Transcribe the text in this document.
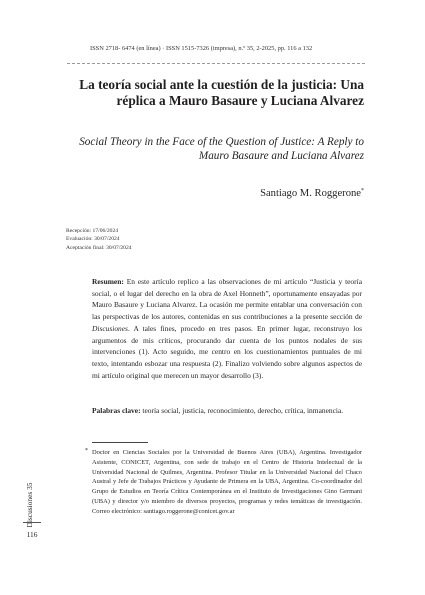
ISSN 2718- 6474 (en línea) · ISSN 1515-7326 (impresa), n.º 35, 2-2025, pp. 116 a 132
La teoría social ante la cuestión de la justicia: Una réplica a Mauro Basaure y Luciana Alvarez
Social Theory in the Face of the Question of Justice: A Reply to Mauro Basaure and Luciana Alvarez
Santiago M. Roggerone*
Recepción: 17/06/2024
Evaluación: 30/07/2024
Aceptación final: 30/07/2024
Resumen: En este artículo replico a las observaciones de mi artículo “Justicia y teoría social, o el lugar del derecho en la obra de Axel Honneth”, oportunamente ensayadas por Mauro Basaure y Luciana Alvarez. La ocasión me permite entablar una conversación con las perspectivas de los autores, contenidas en sus contribuciones a la presente sección de Discusiones. A tales fines, procedo en tres pasos. En primer lugar, reconstruyo los argumentos de mis críticos, procurando dar cuenta de los puntos nodales de sus intervenciones (1). Acto seguido, me centro en los cuestionamientos puntuales de mi texto, intentando esbozar una respuesta (2). Finalizo volviendo sobre algunos aspectos de mi artículo original que merecen un mayor desarrollo (3).
Palabras clave: teoría social, justicia, reconocimiento, derecho, crítica, inmanencia.
* Doctor en Ciencias Sociales por la Universidad de Buenos Aires (UBA), Argentina. Investigador Asistente, CONICET, Argentina, con sede de trabajo en el Centro de Historia Intelectual de la Universidad Nacional de Quilmes, Argentina. Profesor Titular en la Universidad Nacional del Chaco Austral y Jefe de Trabajos Prácticos y Ayudante de Primera en la UBA, Argentina. Co-coordinador del Grupo de Estudios en Teoría Crítica Contemporánea en el Instituto de Investigaciones Gino Germani (UBA) y director y/o miembro de diversos proyectos, programas y redes temáticas de investigación. Correo electrónico: santiago.roggerone@conicet.gov.ar
Discusiones 35
116
